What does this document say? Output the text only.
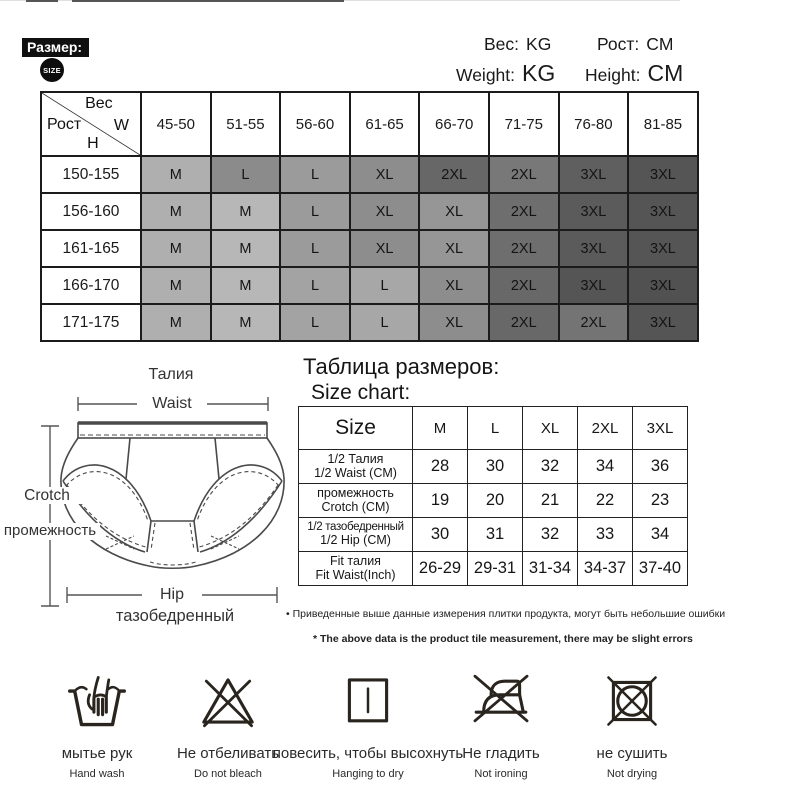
Размер:
SIZE
Вес: KG	Рост: CM
Weight: KG Height: CM
Вес
Рост W
H	45-50	51-55	56-60	61-65	66-70	71-75	76-80	81-85
150-155	M	L	L	XL	2XL	2XL	3XL	3XL
156-160	M	M	L	XL	XL	2XL	3XL	3XL
161-165	M	M	L	XL	XL	2XL	3XL	3XL
166-170	M	M	L	L	XL	2XL	3XL	3XL
171-175	M	M	L	L	XL	2XL	2XL	3XL
Таблица размеров:
Size chart:
Талия
Waist
Crotch
промежность
Hip
тазобедренный
Size	M	L	XL	2XL	3XL

1/2 Талия
1/2 Waist (CM)	28	30	32	34	36

промежность
Crotch (CM)	19	20	21	22	23

1/2 тазобедренный
1/2 Hip (CM)	30	31	32	33	34

Fit талия
Fit Waist(Inch)	26-29	29-31	31-34	34-37	37-40
• Приведенные выше данные измерения плитки продукта, могут быть небольшие ошибки
* The above data is the product tile measurement, there may be slight errors
мытье рук
Hand wash
Не отбеливать
Do not bleach
повесить, чтобы высохнуть
Hanging to dry
Не гладить
Not ironing
не сушить
Not drying
